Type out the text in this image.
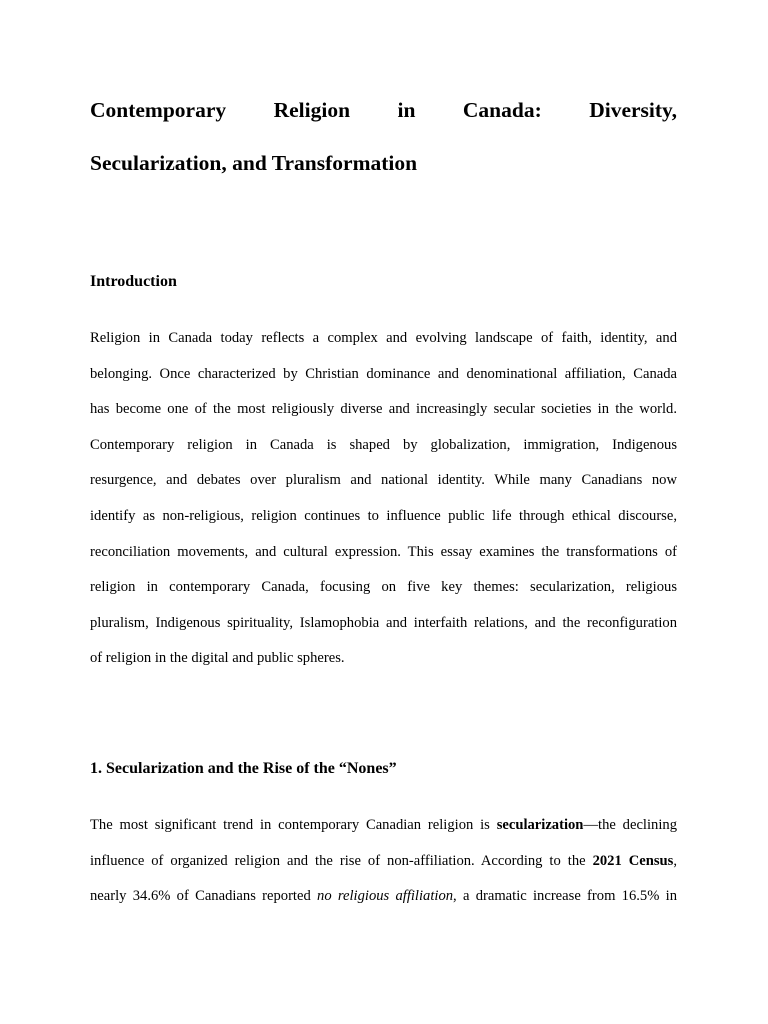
Contemporary Religion in Canada: Diversity,
Secularization, and Transformation
Introduction
Religion in Canada today reflects a complex and evolving landscape of faith, identity, and
belonging. Once characterized by Christian dominance and denominational affiliation, Canada
has become one of the most religiously diverse and increasingly secular societies in the world.
Contemporary religion in Canada is shaped by globalization, immigration, Indigenous
resurgence, and debates over pluralism and national identity. While many Canadians now
identify as non-religious, religion continues to influence public life through ethical discourse,
reconciliation movements, and cultural expression. This essay examines the transformations of
religion in contemporary Canada, focusing on five key themes: secularization, religious
pluralism, Indigenous spirituality, Islamophobia and interfaith relations, and the reconfiguration
of religion in the digital and public spheres.
1. Secularization and the Rise of the “Nones”
The most significant trend in contemporary Canadian religion is secularization—the declining
influence of organized religion and the rise of non-affiliation. According to the 2021 Census,
nearly 34.6% of Canadians reported no religious affiliation, a dramatic increase from 16.5% in
